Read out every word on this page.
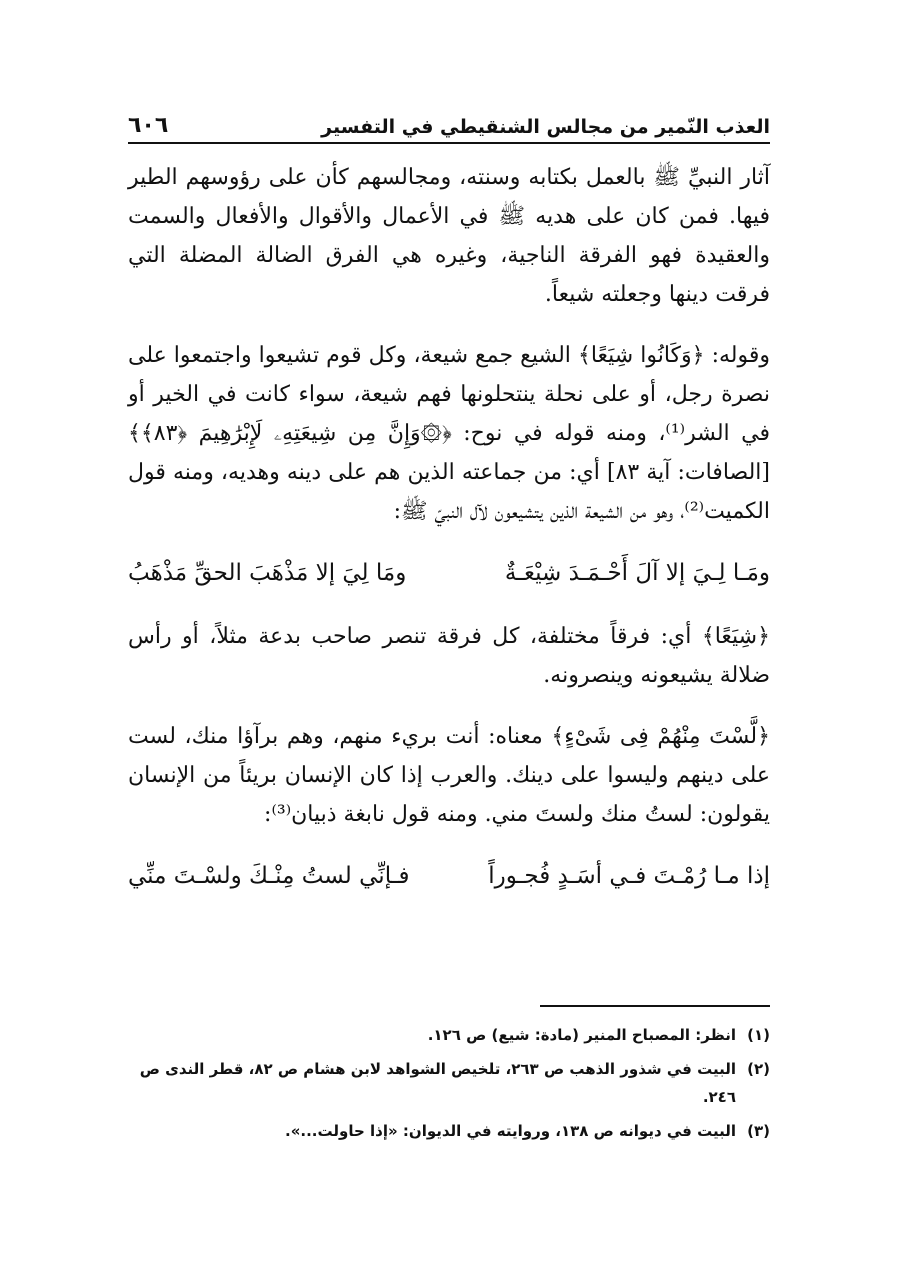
العذب النّمير من مجالس الشنقيطي في التفسير
٦٠٦

آثار النبيِّ ﷺ بالعمل بكتابه وسنته، ومجالسهم كأن على رؤوسهم الطير فيها. فمن كان على هديه ﷺ في الأعمال والأقوال والأفعال والسمت والعقيدة فهو الفرقة الناجية، وغيره هي الفرق الضالة المضلة التي فرقت دينها وجعلته شيعاً.

وقوله: ﴿وَكَانُوا شِيَعًا﴾ الشيع جمع شيعة، وكل قوم تشيعوا واجتمعوا على نصرة رجل، أو على نحلة ينتحلونها فهم شيعة، سواء كانت في الخير أو في الشر⁽¹⁾، ومنه قوله في نوح: ﴿۞وَإِنَّ مِن شِيعَتِهِۦ لَإِبْرَٰهِيمَ ﴿٨٣﴾﴾ [الصافات: آية ٨٣] أي: من جماعته الذين هم على دينه وهديه، ومنه قول الكميت⁽²⁾، وهو من الشيعة الذين يتشيعون لآل النبيّ ﷺ:

ومَـا لِـيَ إلا آلَ أَحْـمَـدَ شِيْعَـةٌ
ومَا لِيَ إلا مَذْهَبَ الحقِّ مَذْهَبُ

﴿شِيَعًا﴾ أي: فرقاً مختلفة، كل فرقة تنصر صاحب بدعة مثلاً، أو رأس ضلالة يشيعونه وينصرونه.

﴿لَّسْتَ مِنْهُمْ فِى شَىْءٍ﴾ معناه: أنت بريء منهم، وهم برآؤا منك، لست على دينهم وليسوا على دينك. والعرب إذا كان الإنسان بريئاً من الإنسان يقولون: لستُ منك ولستَ مني. ومنه قول نابغة ذبيان⁽³⁾:

إذا مـا رُمْـتَ فـي أسَـدٍ فُجـوراً
فـإنِّي لستُ مِنْـكَ ولسْـتَ منِّي
(١)
انظر: المصباح المنير (مادة: شيع) ص ١٢٦.
(٢)
البيت في شذور الذهب ص ٢٦٣، تلخيص الشواهد لابن هشام ص ٨٢، قطر الندى ص ٢٤٦.
(٣)
البيت في ديوانه ص ١٣٨، وروايته في الديوان: «إذا حاولت...».
